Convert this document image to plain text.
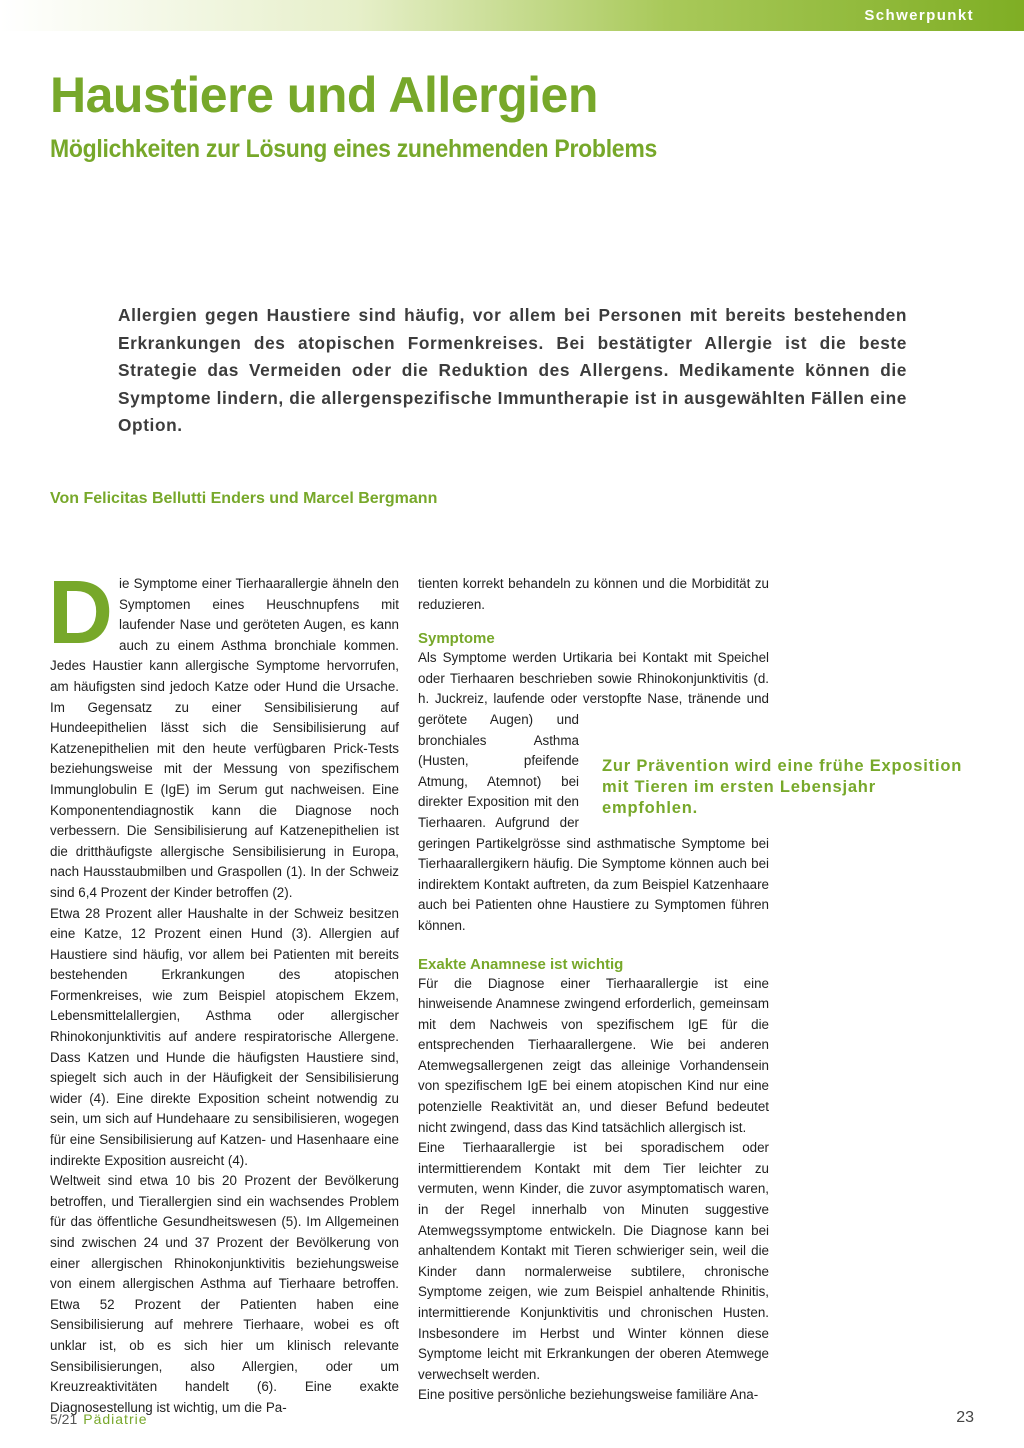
Schwerpunkt
Haustiere und Allergien
Möglichkeiten zur Lösung eines zunehmenden Problems

Allergien gegen Haustiere sind häufig, vor allem bei Personen mit bereits bestehenden Erkrankungen des atopischen Formenkreises. Bei bestätigter Allergie ist die beste Strategie das Vermeiden oder die Reduktion des Allergens. Medikamente können die Symptome lindern, die allergenspezifische Immuntherapie ist in ausgewählten Fällen eine Option.

Von Felicitas Bellutti Enders und Marcel Bergmann

Die Symptome einer Tierhaarallergie ähneln den Symptomen eines Heuschnupfens mit laufender Nase und geröteten Augen, es kann auch zu einem Asthma bronchiale kommen. Jedes Haustier kann allergische Symptome hervorrufen, am häufigsten sind jedoch Katze oder Hund die Ursache. Im Gegensatz zu einer Sensibilisierung auf Hundeepithelien lässt sich die Sensibilisierung auf Katzenepithelien mit den heute verfügbaren Prick-Tests beziehungsweise mit der Messung von spezifischem Immunglobulin E (IgE) im Serum gut nachweisen. Eine Komponentendiagnostik kann die Diagnose noch verbessern. Die Sensibilisierung auf Katzenepithelien ist die dritthäufigste allergische Sensibilisierung in Europa, nach Hausstaubmilben und Graspollen (1). In der Schweiz sind 6,4 Prozent der Kinder betroffen (2).

Etwa 28 Prozent aller Haushalte in der Schweiz besitzen eine Katze, 12 Prozent einen Hund (3). Allergien auf Haustiere sind häufig, vor allem bei Patienten mit bereits bestehenden Erkrankungen des atopischen Formenkreises, wie zum Beispiel atopischem Ekzem, Lebensmittelallergien, Asthma oder allergischer Rhinokonjunktivitis auf andere respiratorische Allergene. Dass Katzen und Hunde die häufigsten Haustiere sind, spiegelt sich auch in der Häufigkeit der Sensibilisierung wider (4). Eine direkte Exposition scheint notwendig zu sein, um sich auf Hundehaare zu sensibilisieren, wogegen für eine Sensibilisierung auf Katzen- und Hasenhaare eine indirekte Exposition ausreicht (4).

Weltweit sind etwa 10 bis 20 Prozent der Bevölkerung betroffen, und Tierallergien sind ein wachsendes Problem für das öffentliche Gesundheitswesen (5). Im Allgemeinen sind zwischen 24 und 37 Prozent der Bevölkerung von einer allergischen Rhinokonjunktivitis beziehungsweise von einem allergischen Asthma auf Tierhaare betroffen. Etwa 52 Prozent der Patienten haben eine Sensibilisierung auf mehrere Tierhaare, wobei es oft unklar ist, ob es sich hier um klinisch relevante Sensibilisierungen, also Allergien, oder um Kreuzreaktivitäten handelt (6). Eine exakte Diagnosestellung ist wichtig, um die Pa-

tienten korrekt behandeln zu können und die Morbidität zu reduzieren.

Symptome

Als Symptome werden Urtikaria bei Kontakt mit Speichel oder Tierhaaren beschrieben sowie Rhinokonjunktivitis (d. h. Juckreiz, laufende oder verstopfte Nase, tränende und gerötete Augen) und bronchiales Asthma (Husten, pfeifende Atmung, Atemnot) bei direkter Exposition mit den Tierhaaren. Aufgrund der geringen Partikelgrösse sind asthmatische Symptome bei Tierhaarallergikern häufig. Die Symptome können auch bei indirektem Kontakt auftreten, da zum Beispiel Katzenhaare auch bei Patienten ohne Haustiere zu Symptomen führen können.

Exakte Anamnese ist wichtig

Für die Diagnose einer Tierhaarallergie ist eine hinweisende Anamnese zwingend erforderlich, gemeinsam mit dem Nachweis von spezifischem IgE für die entsprechenden Tierhaarallergene. Wie bei anderen Atemwegsallergenen zeigt das alleinige Vorhandensein von spezifischem IgE bei einem atopischen Kind nur eine potenzielle Reaktivität an, und dieser Befund bedeutet nicht zwingend, dass das Kind tatsächlich allergisch ist.

Eine Tierhaarallergie ist bei sporadischem oder intermittierendem Kontakt mit dem Tier leichter zu vermuten, wenn Kinder, die zuvor asymptomatisch waren, in der Regel innerhalb von Minuten suggestive Atemwegssymptome entwickeln. Die Diagnose kann bei anhaltendem Kontakt mit Tieren schwieriger sein, weil die Kinder dann normalerweise subtilere, chronische Symptome zeigen, wie zum Beispiel anhaltende Rhinitis, intermittierende Konjunktivitis und chronischen Husten. Insbesondere im Herbst und Winter können diese Symptome leicht mit Erkrankungen der oberen Atemwege verwechselt werden.

Eine positive persönliche beziehungsweise familiäre Ana-

Zur Prävention wird eine frühe Exposition mit Tieren im ersten Lebensjahr empfohlen.
5/21 Pädiatrie	23
